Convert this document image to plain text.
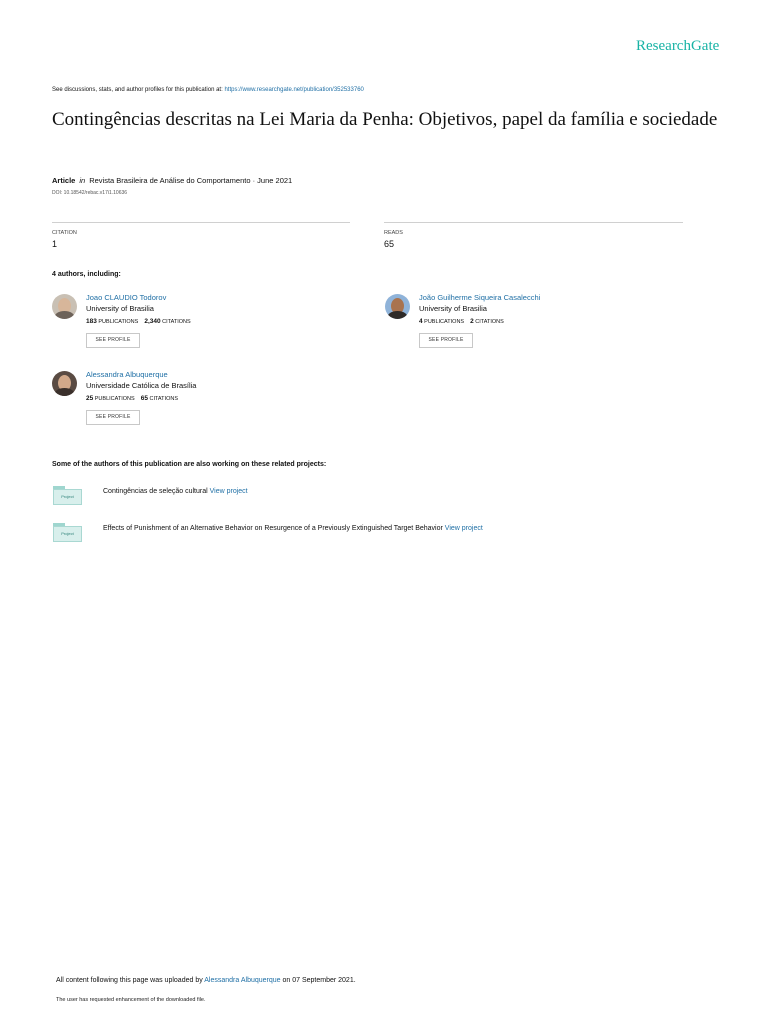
ResearchGate
See discussions, stats, and author profiles for this publication at: https://www.researchgate.net/publication/352533760
Contingências descritas na Lei Maria da Penha: Objetivos, papel da família e sociedade
Article in Revista Brasileira de Análise do Comportamento · June 2021
DOI: 10.18542/rebac.v17i1.10636
CITATION
1
READS
65
4 authors, including:
Joao CLAUDIO Todorov
University of Brasilia
183 PUBLICATIONS 2,340 CITATIONS
SEE PROFILE
João Guilherme Siqueira Casalecchi
University of Brasilia
4 PUBLICATIONS 2 CITATIONS
SEE PROFILE
Alessandra Albuquerque
Universidade Católica de Brasília
25 PUBLICATIONS 65 CITATIONS
SEE PROFILE
Some of the authors of this publication are also working on these related projects:
Project
Contingências de seleção cultural View project
Project
Effects of Punishment of an Alternative Behavior on Resurgence of a Previously Extinguished Target Behavior View project
All content following this page was uploaded by Alessandra Albuquerque on 07 September 2021.
The user has requested enhancement of the downloaded file.
